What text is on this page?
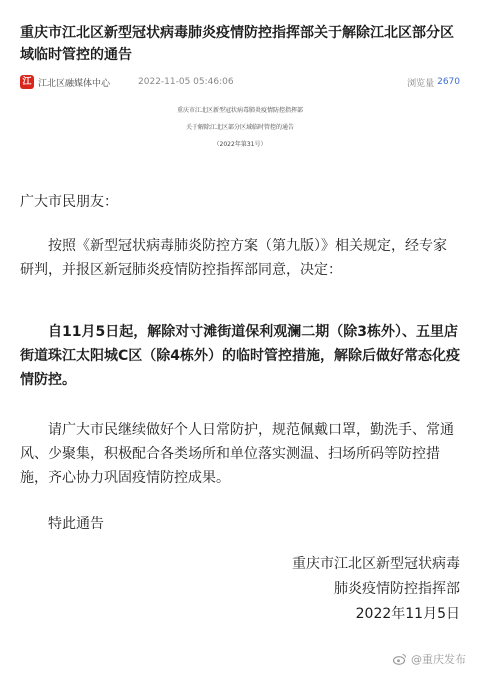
重庆市江北区新型冠状病毒肺炎疫情防控指挥部关于解除江北区部分区域临时管控的通告
江 江北区融媒体中心	2022-11-05 05:46:06	浏览量 2670
重庆市江北区新型冠状病毒肺炎疫情防控指挥部
关于解除江北区部分区域临时管控的通告
（2022年第31号）
广大市民朋友：
按照《新型冠状病毒肺炎防控方案（第九版）》相关规定，经专家研判，并报区新冠肺炎疫情防控指挥部同意，决定：
自11月5日起，解除对寸滩街道保利观澜二期（除3栋外）、五里店街道珠江太阳城C区（除4栋外）的临时管控措施，解除后做好常态化疫情防控。
请广大市民继续做好个人日常防护，规范佩戴口罩，勤洗手、常通风、少聚集，积极配合各类场所和单位落实测温、扫场所码等防控措施，齐心协力巩固疫情防控成果。
特此通告
重庆市江北区新型冠状病毒
肺炎疫情防控指挥部
2022年11月5日
@重庆发布
